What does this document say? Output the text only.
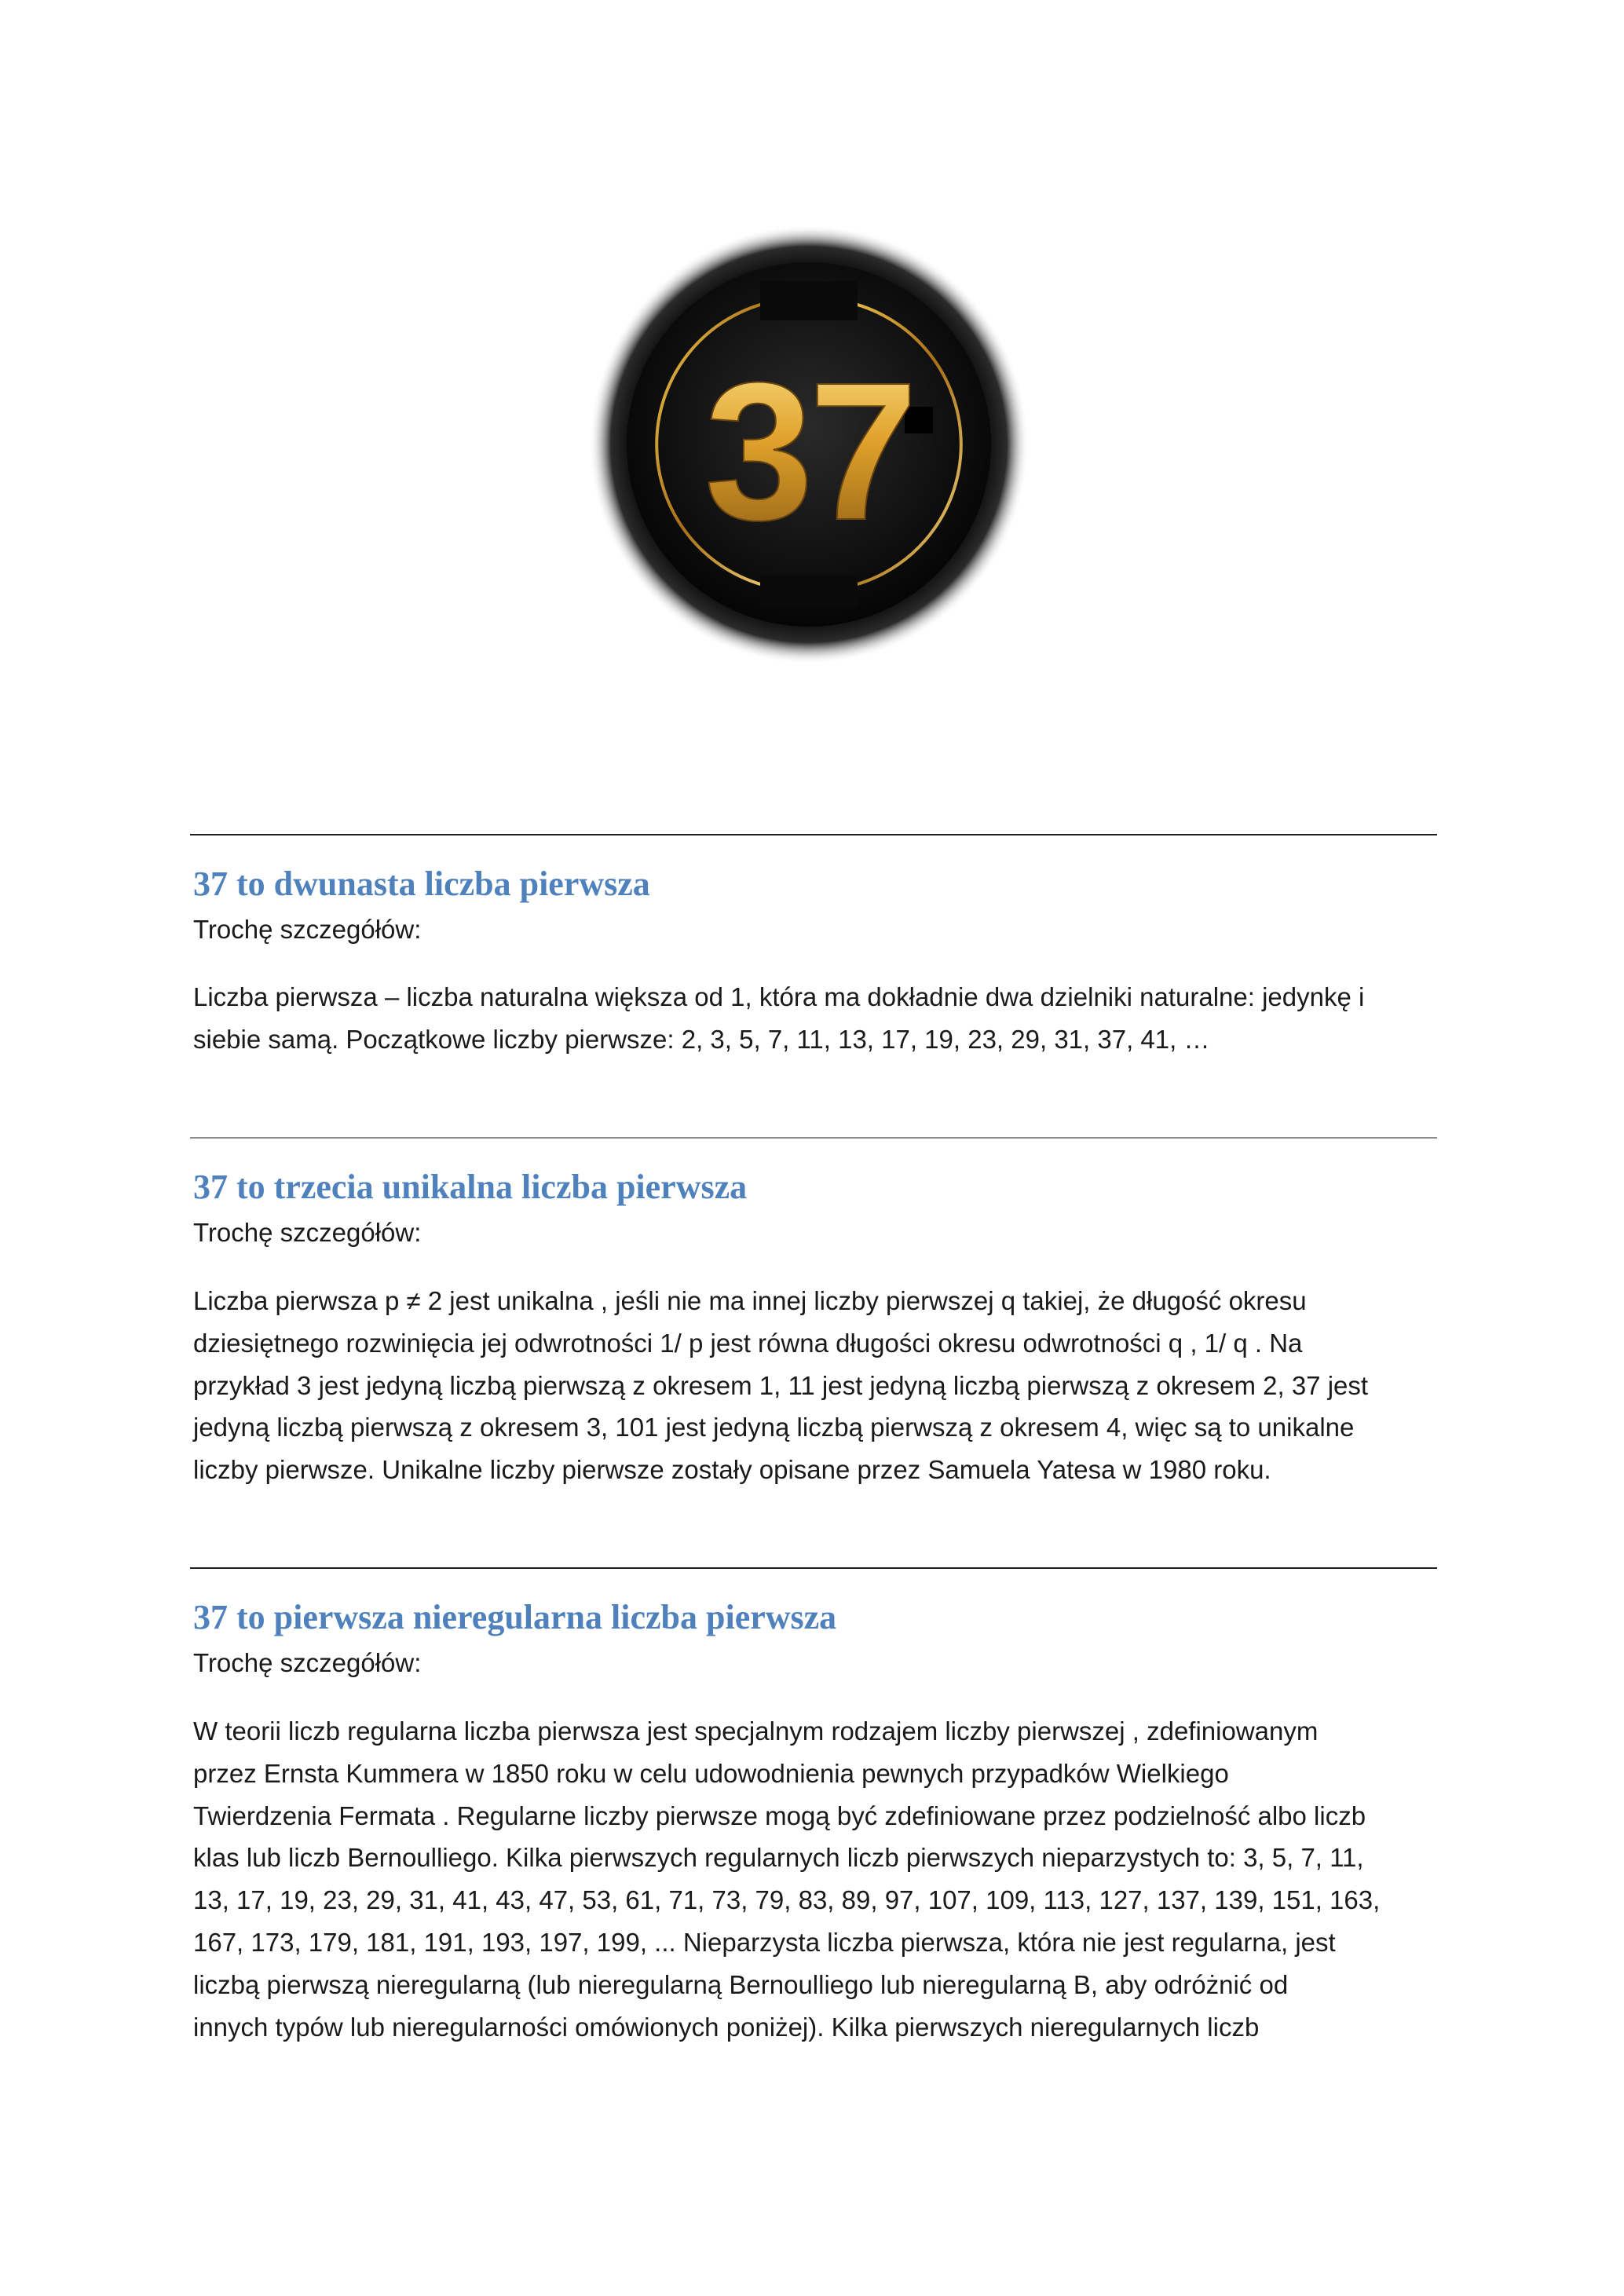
37
37 to dwunasta liczba pierwsza
Trochę szczegółów:
Liczba pierwsza – liczba naturalna większa od 1, która ma dokładnie dwa dzielniki naturalne: jedynkę i
siebie samą. Początkowe liczby pierwsze: 2, 3, 5, 7, 11, 13, 17, 19, 23, 29, 31, 37, 41, …
37 to trzecia unikalna liczba pierwsza
Trochę szczegółów:
Liczba pierwsza p ≠ 2 jest unikalna , jeśli nie ma innej liczby pierwszej q takiej, że długość okresu
dziesiętnego rozwinięcia jej odwrotności 1/ p jest równa długości okresu odwrotności q , 1/ q . Na
przykład 3 jest jedyną liczbą pierwszą z okresem 1, 11 jest jedyną liczbą pierwszą z okresem 2, 37 jest
jedyną liczbą pierwszą z okresem 3, 101 jest jedyną liczbą pierwszą z okresem 4, więc są to unikalne
liczby pierwsze. Unikalne liczby pierwsze zostały opisane przez Samuela Yatesa w 1980 roku.
37 to pierwsza nieregularna liczba pierwsza
Trochę szczegółów:
W teorii liczb regularna liczba pierwsza jest specjalnym rodzajem liczby pierwszej , zdefiniowanym
przez Ernsta Kummera w 1850 roku w celu udowodnienia pewnych przypadków Wielkiego
Twierdzenia Fermata . Regularne liczby pierwsze mogą być zdefiniowane przez podzielność albo liczb
klas lub liczb Bernoulliego. Kilka pierwszych regularnych liczb pierwszych nieparzystych to: 3, 5, 7, 11,
13, 17, 19, 23, 29, 31, 41, 43, 47, 53, 61, 71, 73, 79, 83, 89, 97, 107, 109, 113, 127, 137, 139, 151, 163,
167, 173, 179, 181, 191, 193, 197, 199, ... Nieparzysta liczba pierwsza, która nie jest regularna, jest
liczbą pierwszą nieregularną (lub nieregularną Bernoulliego lub nieregularną B, aby odróżnić od
innych typów lub nieregularności omówionych poniżej). Kilka pierwszych nieregularnych liczb
